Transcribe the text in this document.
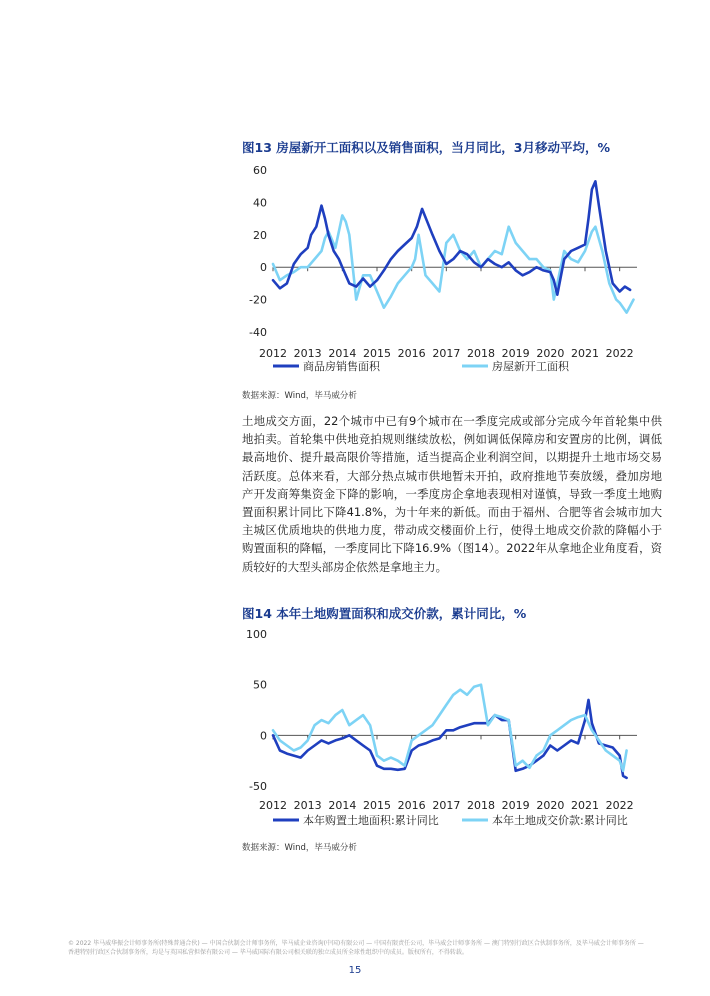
图13 房屋新开工面积以及销售面积，当月同比，3月移动平均，%
60
40
20
0
-20
-40
2012 2013 2014 2015 2016 2017 2018 2019 2020 2021 2022
商品房销售面积	房屋新开工面积
数据来源：Wind，毕马威分析

土地成交方面，22个城市中已有9个城市在一季度完成或部分完成今年首轮集中供地拍卖。首轮集中供地竞拍规则继续放松，例如调低保障房和安置房的比例，调低最高地价、提升最高限价等措施，适当提高企业利润空间，以期提升土地市场交易活跃度。总体来看，大部分热点城市供地暂未开拍，政府推地节奏放缓，叠加房地产开发商筹集资金下降的影响，一季度房企拿地表现相对谨慎，导致一季度土地购置面积累计同比下降41.8%，为十年来的新低。而由于福州、合肥等省会城市加大主城区优质地块的供地力度，带动成交楼面价上行，使得土地成交价款的降幅小于购置面积的降幅，一季度同比下降16.9%（图14）。2022年从拿地企业角度看，资质较好的大型头部房企依然是拿地主力。

图14 本年土地购置面积和成交价款，累计同比，%
100
50
0
-50
2012 2013 2014 2015 2016 2017 2018 2019 2020 2021 2022
本年购置土地面积:累计同比	本年土地成交价款:累计同比
数据来源：Wind，毕马威分析
© 2022 毕马威华振会计师事务所(特殊普通合伙) — 中国合伙制会计师事务所，毕马威企业咨询(中国)有限公司 — 中国有限责任公司，毕马威会计师事务所 — 澳门特别行政区合伙制事务所，及毕马威会计师事务所 — 香港特别行政区合伙制事务所，均是与英国私营担保有限公司 — 毕马威国际有限公司相关联的独立成员所全球性组织中的成员。版权所有，不得转载。
15
